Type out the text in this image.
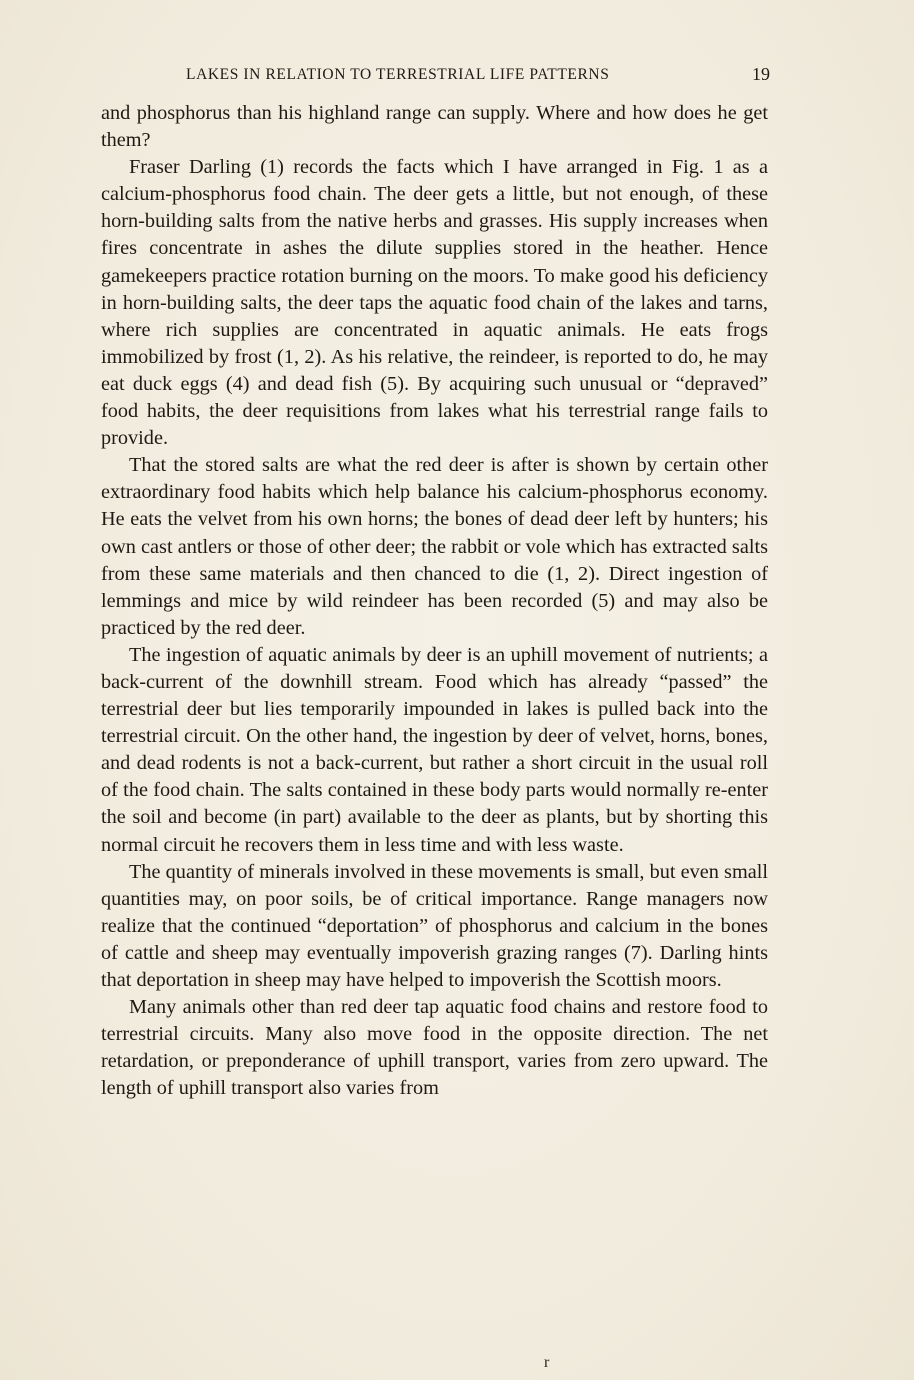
LAKES IN RELATION TO TERRESTRIAL LIFE PATTERNS	19

and phosphorus than his highland range can supply. Where and how does he get them?

Fraser Darling (1) records the facts which I have arranged in Fig. 1 as a calcium-phosphorus food chain. The deer gets a little, but not enough, of these horn-building salts from the native herbs and grasses. His supply increases when fires concentrate in ashes the dilute supplies stored in the heather. Hence gamekeepers practice rotation burning on the moors. To make good his deficiency in horn-building salts, the deer taps the aquatic food chain of the lakes and tarns, where rich supplies are concentrated in aquatic animals. He eats frogs immobilized by frost (1, 2). As his relative, the reindeer, is reported to do, he may eat duck eggs (4) and dead fish (5). By acquiring such unusual or “depraved” food habits, the deer requisitions from lakes what his terrestrial range fails to provide.

That the stored salts are what the red deer is after is shown by certain other extraordinary food habits which help balance his calcium-phosphorus economy. He eats the velvet from his own horns; the bones of dead deer left by hunters; his own cast antlers or those of other deer; the rabbit or vole which has extracted salts from these same materials and then chanced to die (1, 2). Direct ingestion of lemmings and mice by wild reindeer has been recorded (5) and may also be practiced by the red deer.

The ingestion of aquatic animals by deer is an uphill movement of nutrients; a back-current of the downhill stream. Food which has already “passed” the terrestrial deer but lies temporarily impounded in lakes is pulled back into the terrestrial circuit. On the other hand, the ingestion by deer of velvet, horns, bones, and dead rodents is not a back-current, but rather a short circuit in the usual roll of the food chain. The salts contained in these body parts would normally re-enter the soil and become (in part) available to the deer as plants, but by shorting this normal circuit he recovers them in less time and with less waste.

The quantity of minerals involved in these movements is small, but even small quantities may, on poor soils, be of critical importance. Range managers now realize that the continued “deportation” of phosphorus and calcium in the bones of cattle and sheep may eventually impoverish grazing ranges (7). Darling hints that deportation in sheep may have helped to impoverish the Scottish moors.

Many animals other than red deer tap aquatic food chains and restore food to terrestrial circuits. Many also move food in the opposite direction. The net retardation, or preponderance of uphill transport, varies from zero upward. The length of uphill transport also varies from

r
